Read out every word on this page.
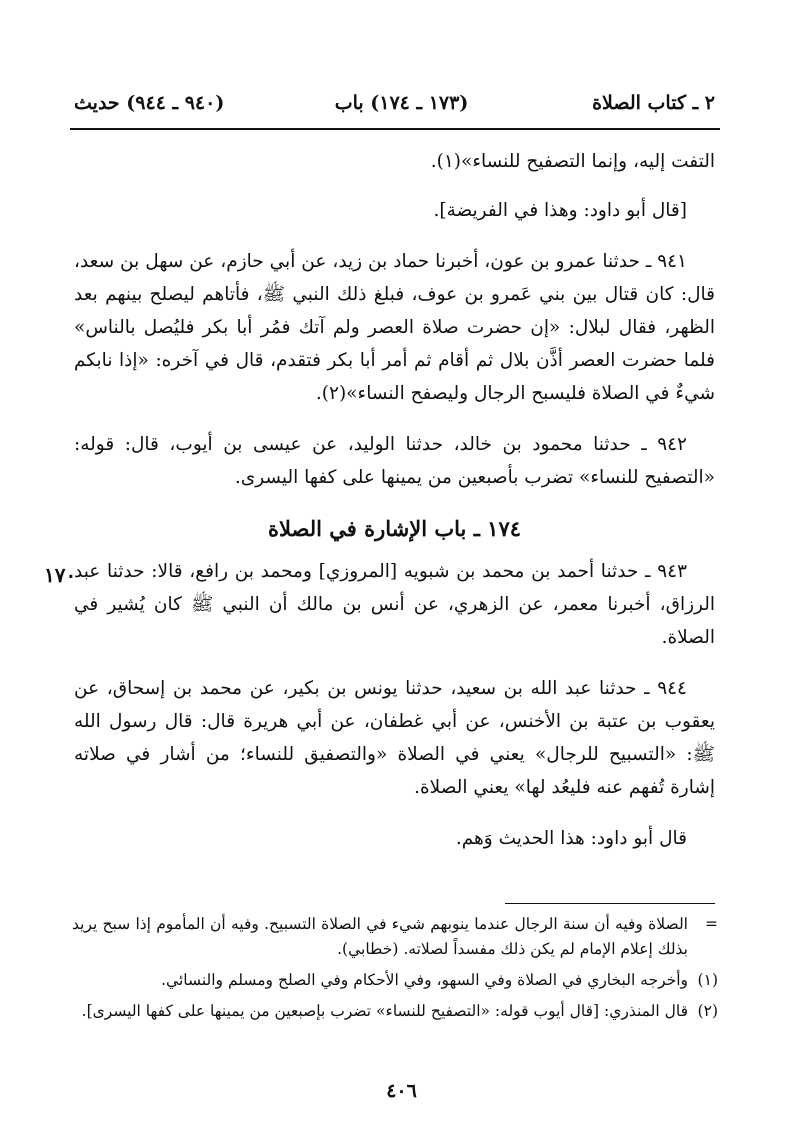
٢ ـ كتاب الصلاة
(١٧٣ ـ ١٧٤) باب
(٩٤٠ ـ ٩٤٤) حديث
١٧٠

التفت إليه، وإنما التصفيح للنساء»(١).

[قال أبو داود: وهذا في الفريضة].

٩٤١ ـ حدثنا عمرو بن عون، أخبرنا حماد بن زيد، عن أبي حازم، عن سهل بن سعد، قال: كان قتال بين بني عَمرو بن عوف، فبلغ ذلك النبي ﷺ، فأتاهم ليصلح بينهم بعد الظهر، فقال لبلال: «إن حضرت صلاة العصر ولم آتك فمُر أبا بكر فليُصل بالناس» فلما حضرت العصر أذَّن بلال ثم أقام ثم أمر أبا بكر فتقدم، قال في آخره: «إذا نابكم شيءٌ في الصلاة فليسبح الرجال وليصفح النساء»(٢).

٩٤٢ ـ حدثنا محمود بن خالد، حدثنا الوليد، عن عيسى بن أيوب، قال: قوله: «التصفيح للنساء» تضرب بأصبعين من يمينها على كفها اليسرى.

١٧٤ ـ باب الإشارة في الصلاة

٩٤٣ ـ حدثنا أحمد بن محمد بن شبويه [المروزي] ومحمد بن رافع، قالا: حدثنا عبد الرزاق، أخبرنا معمر، عن الزهري، عن أنس بن مالك أن النبي ﷺ كان يُشير في الصلاة.

٩٤٤ ـ حدثنا عبد الله بن سعيد، حدثنا يونس بن بكير، عن محمد بن إسحاق، عن يعقوب بن عتبة بن الأخنس، عن أبي غطفان، عن أبي هريرة قال: قال رسول الله ﷺ: «التسبيح للرجال» يعني في الصلاة «والتصفيق للنساء؛ من أشار في صلاته إشارة تُفهم عنه فليعُد لها» يعني الصلاة.

قال أبو داود: هذا الحديث وَهم.

=
الصلاة وفيه أن سنة الرجال عندما ينوبهم شيء في الصلاة التسبيح. وفيه أن المأموم إذا سبح يريد بذلك إعلام الإمام لم يكن ذلك مفسداً لصلاته. (خطابي).
(١)
وأخرجه البخاري في الصلاة وفي السهو، وفي الأحكام وفي الصلح ومسلم والنسائي.
(٢)
قال المنذري: [قال أيوب قوله: «التصفيح للنساء» تضرب بإصبعين من يمينها على كفها اليسرى].
٤٠٦
